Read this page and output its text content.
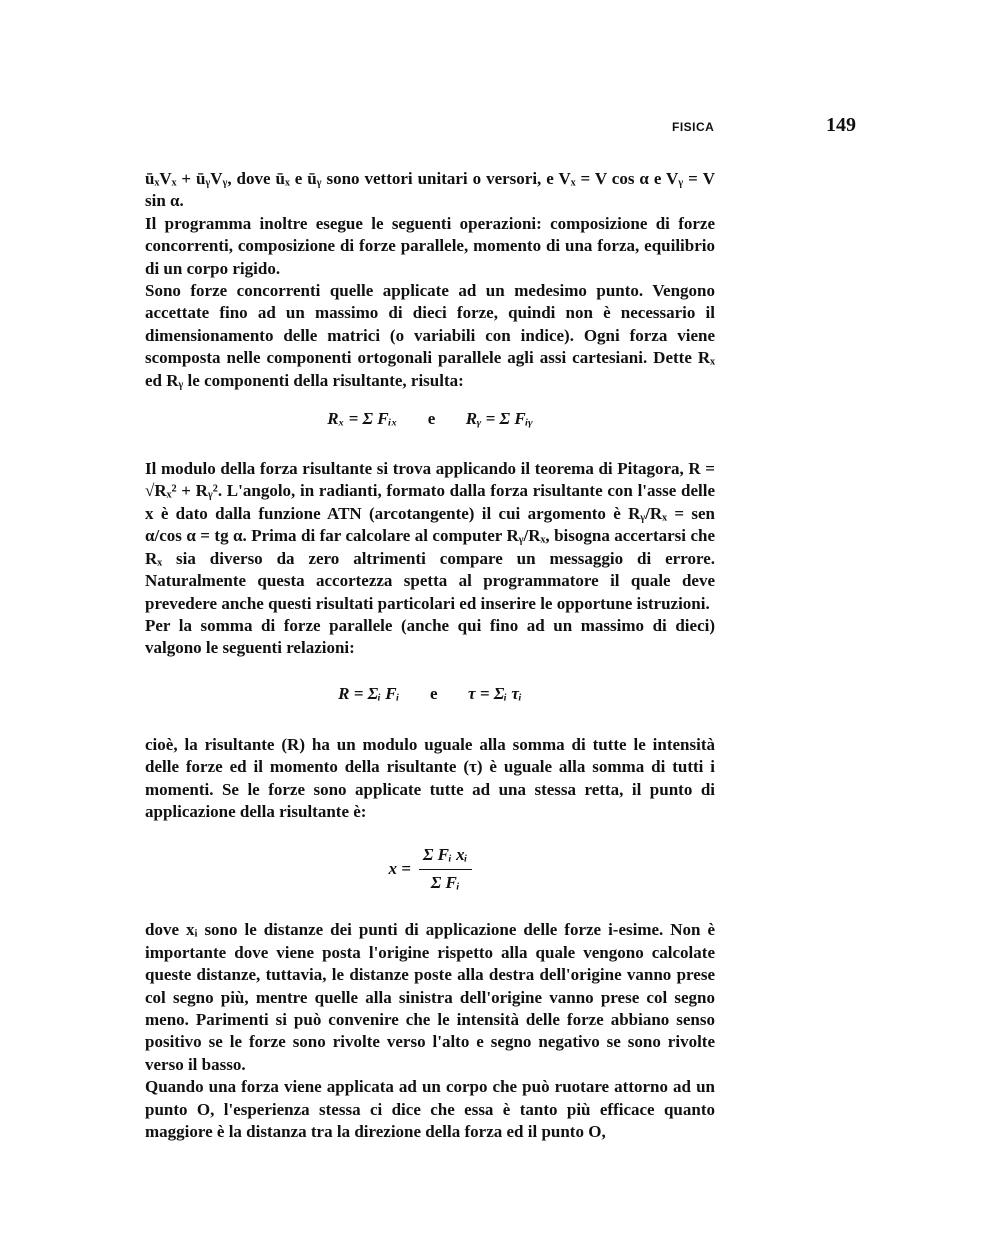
FISICA	149

ūₓVₓ + ūᵧVᵧ, dove ūₓ e ūᵧ sono vettori unitari o versori, e Vₓ = V cos α e Vᵧ = V sin α.

Il programma inoltre esegue le seguenti operazioni: composizione di forze concorrenti, composizione di forze parallele, momento di una forza, equilibrio di un corpo rigido.

Sono forze concorrenti quelle applicate ad un medesimo punto. Vengono accettate fino ad un massimo di dieci forze, quindi non è necessario il dimensionamento delle matrici (o variabili con indice). Ogni forza viene scomposta nelle componenti ortogonali parallele agli assi cartesiani. Dette Rₓ ed Rᵧ le componenti della risultante, risulta:

Rₓ = Σ Fᵢₓ e Rᵧ = Σ Fᵢᵧ

Il modulo della forza risultante si trova applicando il teorema di Pitagora, R = √Rₓ² + Rᵧ². L'angolo, in radianti, formato dalla forza risultante con l'asse delle x è dato dalla funzione ATN (arcotangente) il cui argomento è Rᵧ/Rₓ = sen α/cos α = tg α. Prima di far calcolare al computer Rᵧ/Rₓ, bisogna accertarsi che Rₓ sia diverso da zero altrimenti compare un messaggio di errore. Naturalmente questa accortezza spetta al programmatore il quale deve prevedere anche questi risultati particolari ed inserire le opportune istruzioni.

Per la somma di forze parallele (anche qui fino ad un massimo di dieci) valgono le seguenti relazioni:

R = Σᵢ Fᵢ e τ = Σᵢ τᵢ

cioè, la risultante (R) ha un modulo uguale alla somma di tutte le intensità delle forze ed il momento della risultante (τ) è uguale alla somma di tutti i momenti. Se le forze sono applicate tutte ad una stessa retta, il punto di applicazione della risultante è:

$x = \frac{\text{Σ Fᵢ xᵢ}}{\text{Σ Fᵢ}}$

dove xᵢ sono le distanze dei punti di applicazione delle forze i-esime. Non è importante dove viene posta l'origine rispetto alla quale vengono calcolate queste distanze, tuttavia, le distanze poste alla destra dell'origine vanno prese col segno più, mentre quelle alla sinistra dell'origine vanno prese col segno meno. Parimenti si può convenire che le intensità delle forze abbiano senso positivo se le forze sono rivolte verso l'alto e segno negativo se sono rivolte verso il basso.

Quando una forza viene applicata ad un corpo che può ruotare attorno ad un punto O, l'esperienza stessa ci dice che essa è tanto più efficace quanto maggiore è la distanza tra la direzione della forza ed il punto O,
